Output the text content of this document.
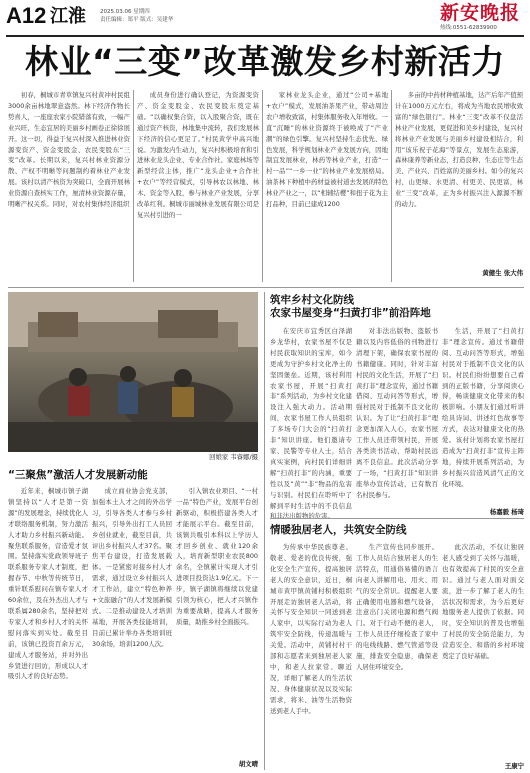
A12 江淮	2025.03.06 星期四
责任编辑：郑平 版式：吴建华	新安晚报
热线:0551-62839900
林业“三变”改革激发乡村新活力

初春，桐城市青草镇复兴村黄冲村民组3000余亩林地翠意盎然。林下经济作物长势喜人，一座座农家小院错落有致，一幅产业兴旺、生态宜居的美丽乡村画卷正徐徐展开。这一切，得益于复兴村深入推进林业资源变资产、资金变股金、农民变股东“三变”改革。长期以来，复兴村林业资源分散、产权不明晰等问题制约着林业产业发展。该村以清产核资为突破口，全面开展林业资源自查核实工作，厘清林业资源存量，明晰产权关系。同时，对农村集体经济组织

成员身份进行确认登记，为资源变资产、资金变股金、农民变股东奠定基础。“以确权集合资，以入股聚合资，既在通过资产核资，林地集中流转，我们发展林下经济的信心更足了。”村民黄学申高兴地说。为激发内生动力，复兴村积极培育和引进林业龙头企业、专业合作社、家庭林场等新型经营主体，推广“龙头企业+合作社+农户”等经营模式，引导林农以林地、林木、资金等入股，参与林业产业发展，分享改革红利。桐城市丽城林业发展有限公司是复兴村引进的一

家林业龙头企业，通过“公司+基地+农户”模式，发展油茶果产业，带动周边农户增收致富，村集体服务收入年增收。一直“沉睡”的林业资源终于被唤成了“产业潮”的绿色引擎。复兴村坚持生态优先、绿色发展，科学规划林业产业发展方向，因地制宜发展林业，林药等林业产业，打造“一村一品”“一乡一业”的林业产业发展格局。油茶林下种植中药材益被村道去发展的特色林业产业之一，以“相辅结樱”和扭子花为主打品种，目前已建成1200

多亩的中药材种植基地，达产后年产值预计在1000万元左右，将成为当地农民增收致富的“绿色银行”。林业“三变”改革不仅盘活林业产业发展，更促进和美乡村建设，复兴村将林业产业发展与美丽乡村建设相结合，利用“该乐祝子花海”等景点，发展生态旅游，森林康养等新业态，打造良种、生态庄等生态美、产业兴、百姓富的美丽乡村。如今的复兴村，山更绿、水更清、村更美、民更富，林业“三变”改革，正为乡村振兴注入源源不断的动力。

黄健生 张大伟
回娘家 韦睿娜/摄
筑牢乡村文化防线
农家书屋变身“扫黄打非”前沿阵地

在安庆市宜秀区白泽湖乡龙华村，农家书屋不仅是村民获取知识的宝库，如今更成为守护乡村文化净土的坚固堡垒。近期，该村利用农家书屋，开展“扫黄打非”系列活动，为乡村文化建设注入强大动力。活动期间，农家书屋工作人员组织了多场专门大会的“扫黄打非”知识讲座。他们邀请专家、民警等专业人士，结合真实案例，向村民们详细讲解“扫黄打非”的内涵，重要性以及“黄”“非”物品的危害与识别。村民们在聆听中了解到平时生活中的不良信息和非法出版物的危害。

对非法出版物、盗版书籍以及内容低俗的刊物进行清理下架，确保农家书屋的书籍健康。同时，针对丰富村民的文化生活，开展了“扫黄打非”理念宣传，通过书籍借阅、互动问答等形式，增强村民对于抵制不良文化的认识。为了让“扫黄打非”理念更加深入人心，农家书屋工作人员还带领村民，开展各类读书活动，帮助村民远离不良信息。此次活动分享了一场，“扫黄打非”知识讲座举办宣传活动，已有数百名村民参与。

生活，开展了“扫黄打非”理念宣传。通过书籍借阅、互动问答等形式，增强村民对于抵制不良文化的认识。村民们纷纷想要自己看到的正版书籍，分享阅读心得，畅谈健康文化带来的积极影响。小朋友们通过听讲绘具诗词、讲述红色故事等方式，表达对健康文化的热爱。该村计划将农家书屋打造成为“扫黄打非”宣传主阵地，持续开展系列活动，为乡村振兴营造风清气正的文化环境。

杨嘉毅 杨琦
“三聚焦”激活人才发展新动能

近年来，桐城市镇子湖镇坚持以“人才是第一资源”的发展理念，持续优化人才联络服务机制，努力激活人才助力乡村振兴新动能。聚焦联系服务，营造爱才氛围。坚持落实党政领导班子联系服务专家人才制度，把握春节、中秋等传统节日，重针联系慰问在镇专家人才60余位，及在外杰出人才与联系属280余名，坚持把对专家人才和乡村人才的关怀慰问落实到实处。截至目前，该镇已投资百余万元，建成人才服务站，并对外出乡贤进行回访，形成以人才吸引人才的良好态势。

成立商业协会党支部，加强本土人才之间的外出学习，引导各类人才参与乡村振兴，引导外出打工人员回乡创业就业，截至目前，共评出乡村振兴人才37名。聚焦平台建设，打造发展载体。一是紧密对接乡村人才需求，通过设立乡村振兴人才工作站，建立“特色种养+文旅融合”的人才发展新模式。二是推动建设人才培训基地，开展各类技能培训，目前已累计举办各类培训班30余场，培训1200人次。

引入镇农业项目、“一村一品”特色产业，发展平台创新驱动，积极搭建各类人才才能展示平台。截至目前，该镇共吸引本科以上学历人才回乡创业、就业120余人，培育新型职业农民800余名，全镇累计实现人才引进项目投资达1.9亿元。下一步，镇子湖镇将继续以党建引领为核心，把人才兴镇作为重要战略，提高人才服务质量，助推乡村全面振兴。

胡文晴
情暖独居老人，共筑安全防线

为传承中华民族尊老、敬老、爱老的优良传统，强化安全生产宣传，提高独居老人的安全意识，近日，桐城市黄甲镇黄铺村积极组织开展走访独居老人活动，将关怀与安全知识一同送到老人家中，以实际行动为老人筑牢安全防线，传递温暖与关爱。活动中，黄铺村村干部和志愿者来到独居老人家中，和老人拉家常、聊近况，详细了解老人的生活状况、身体健康状况以及实际需求，将米、油等生活物资送到老人手中。

生产宣传也同步展开。工作人员结合独居老人的生活特点，用通俗易懂的语言向老人讲解用电、用火、用气的安全常识。提醒老人要正确使用电器和燃气设备，注意出门关闭电源和燃气阀门。对于行动不便的老人，工作人员还仔细检查了家中的电线线路、燃气管道等设施，排查安全隐患，确保老人居住环境安全。

此次活动，不仅让独居老人感受到了关怀与温暖，也有效提高了村民的安全意识。通过与老人面对面交流，进一步了解了老人的生活状况和需求，为今后更好地服务老人提供了依据。同时，安全知识的普及也增强了村民的安全防范能力，为营造安全、和谐的乡村环境奠定了良好基础。

王康宁
